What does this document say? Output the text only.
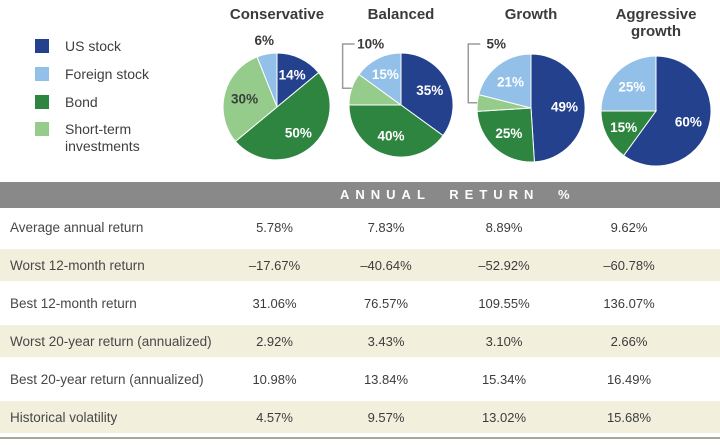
US stock
Foreign stock
Bond
Short-term investments
Conservative	Balanced	Growth	Aggressive growth
14%
50%
30%
6%
35%
40%
10%
15%
49%
25%
5%
21%
60%
15%
25%
ANNUAL RETURN %
Average annual return	5.78%	7.83%	8.89%	9.62%
Worst 12-month return	–17.67%	–40.64%	–52.92%	–60.78%
Best 12-month return	31.06%	76.57%	109.55%	136.07%
Worst 20-year return (annualized)	2.92%	3.43%	3.10%	2.66%
Best 20-year return (annualized)	10.98%	13.84%	15.34%	16.49%
Historical volatility	4.57%	9.57%	13.02%	15.68%
